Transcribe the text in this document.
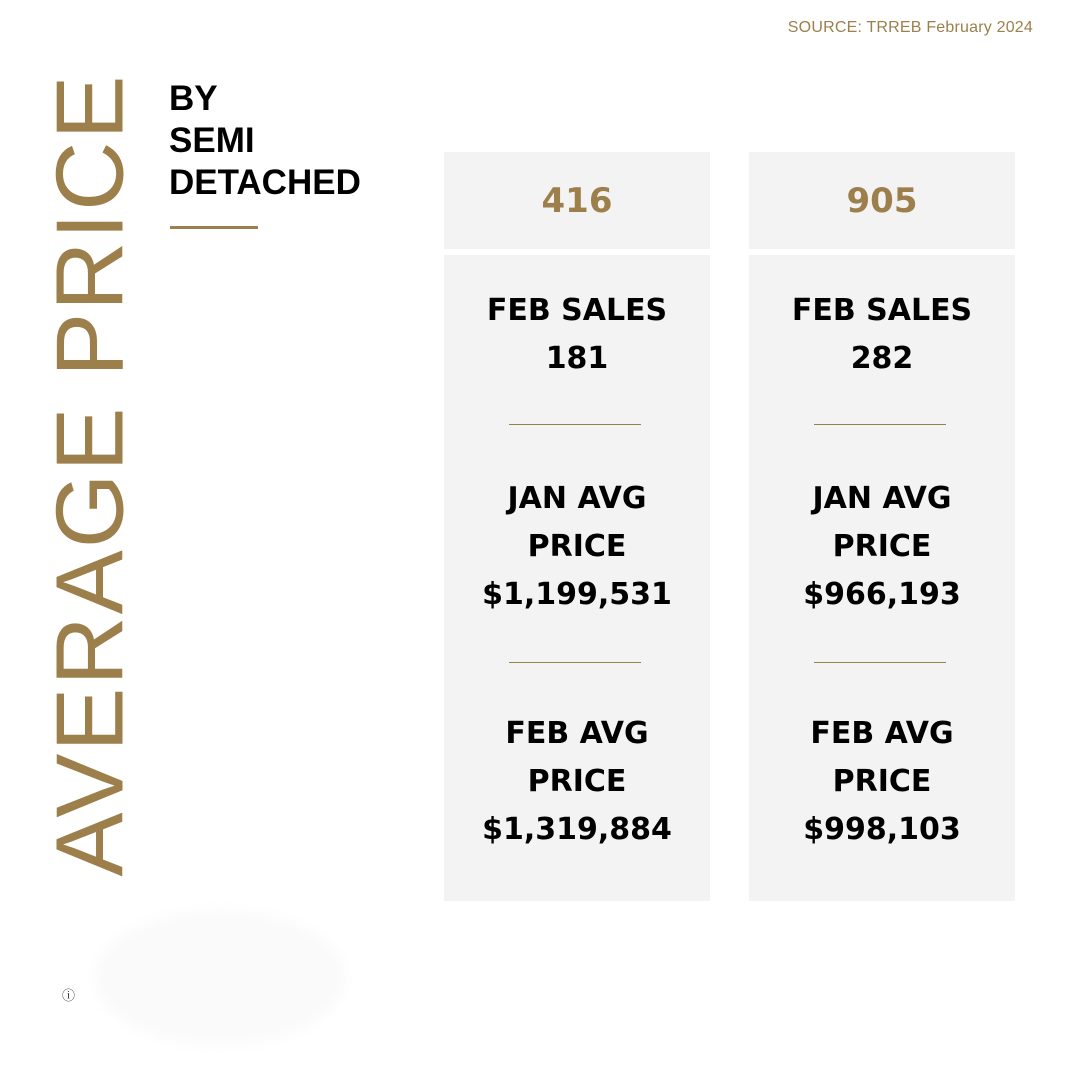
SOURCE: TRREB February 2024
AVERAGE PRICE BY
SEMI
DETACHED	416
FEB SALES
181
JAN AVG
PRICE
$1,199,531
FEB AVG
PRICE
$1,319,884
905
FEB SALES
282
JAN AVG
PRICE
$966,193
FEB AVG
PRICE
$998,103
ⓘ
